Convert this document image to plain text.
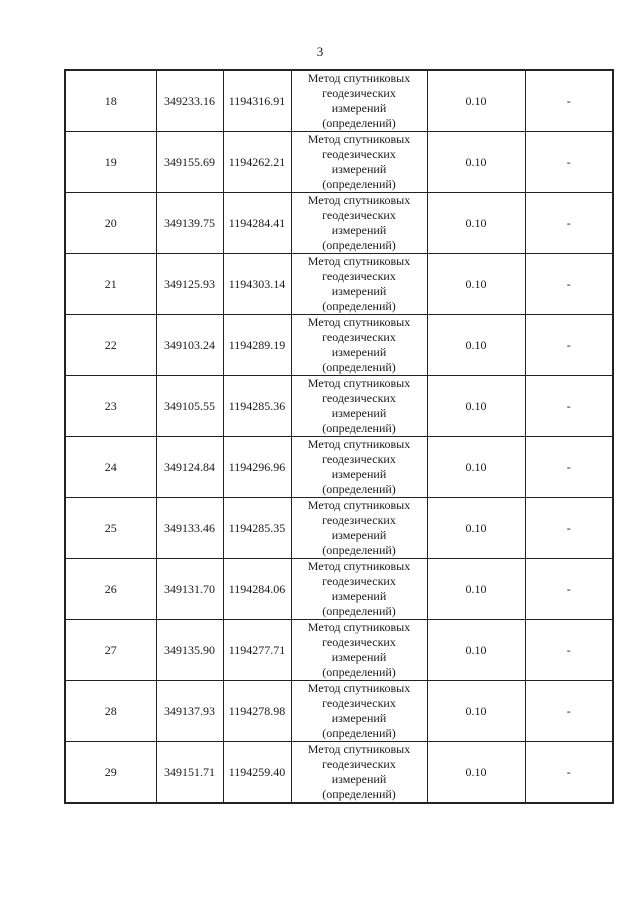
3
18	349233.16	1194316.91	Метод спутниковых
геодезических
измерений
(определений)	0.10	-
19	349155.69	1194262.21	Метод спутниковых
геодезических
измерений
(определений)	0.10	-
20	349139.75	1194284.41	Метод спутниковых
геодезических
измерений
(определений)	0.10	-
21	349125.93	1194303.14	Метод спутниковых
геодезических
измерений
(определений)	0.10	-
22	349103.24	1194289.19	Метод спутниковых
геодезических
измерений
(определений)	0.10	-
23	349105.55	1194285.36	Метод спутниковых
геодезических
измерений
(определений)	0.10	-
24	349124.84	1194296.96	Метод спутниковых
геодезических
измерений
(определений)	0.10	-
25	349133.46	1194285.35	Метод спутниковых
геодезических
измерений
(определений)	0.10	-
26	349131.70	1194284.06	Метод спутниковых
геодезических
измерений
(определений)	0.10	-
27	349135.90	1194277.71	Метод спутниковых
геодезических
измерений
(определений)	0.10	-
28	349137.93	1194278.98	Метод спутниковых
геодезических
измерений
(определений)	0.10	-
29	349151.71	1194259.40	Метод спутниковых
геодезических
измерений
(определений)	0.10	-
